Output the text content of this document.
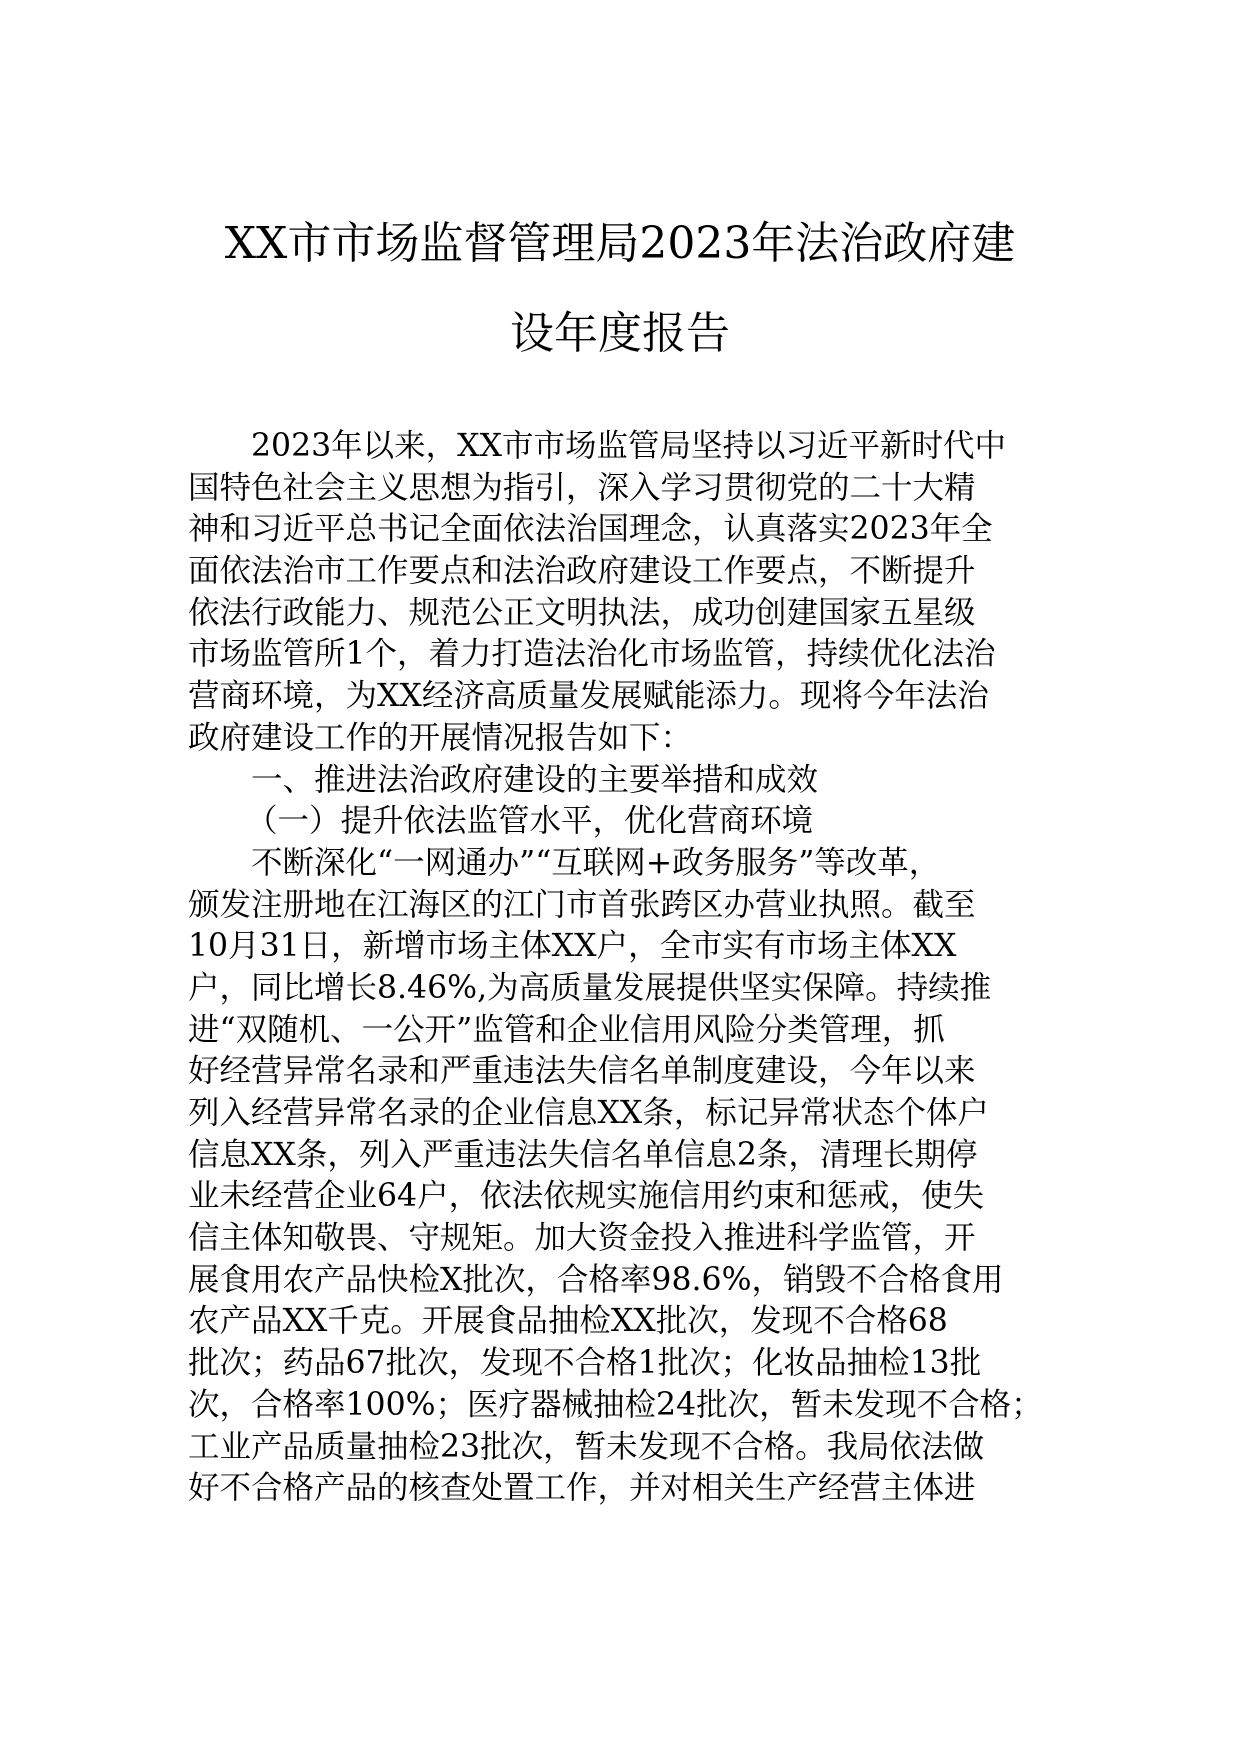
XX市市场监督管理局2023年法治政府建
设年度报告
2023年以来，XX市市场监管局坚持以习近平新时代中
国特色社会主义思想为指引，深入学习贯彻党的二十大精
神和习近平总书记全面依法治国理念，认真落实2023年全
面依法治市工作要点和法治政府建设工作要点，不断提升
依法行政能力、规范公正文明执法，成功创建国家五星级
市场监管所1个，着力打造法治化市场监管，持续优化法治
营商环境，为XX经济高质量发展赋能添力。现将今年法治
政府建设工作的开展情况报告如下：
一、推进法治政府建设的主要举措和成效
（一）提升依法监管水平，优化营商环境
不断深化“一网通办”“互联网+政务服务”等改革，
颁发注册地在江海区的江门市首张跨区办营业执照。截至
10月31日，新增市场主体XX户，全市实有市场主体XX
户，同比增长8.46%,为高质量发展提供坚实保障。持续推
进“双随机、一公开”监管和企业信用风险分类管理，抓
好经营异常名录和严重违法失信名单制度建设，今年以来
列入经营异常名录的企业信息XX条，标记异常状态个体户
信息XX条，列入严重违法失信名单信息2条，清理长期停
业未经营企业64户，依法依规实施信用约束和惩戒，使失
信主体知敬畏、守规矩。加大资金投入推进科学监管，开
展食用农产品快检X批次，合格率98.6%，销毁不合格食用
农产品XX千克。开展食品抽检XX批次，发现不合格68
批次；药品67批次，发现不合格1批次；化妆品抽检13批
次，合格率100%；医疗器械抽检24批次，暂未发现不合格；
工业产品质量抽检23批次，暂未发现不合格。我局依法做
好不合格产品的核查处置工作，并对相关生产经营主体进
